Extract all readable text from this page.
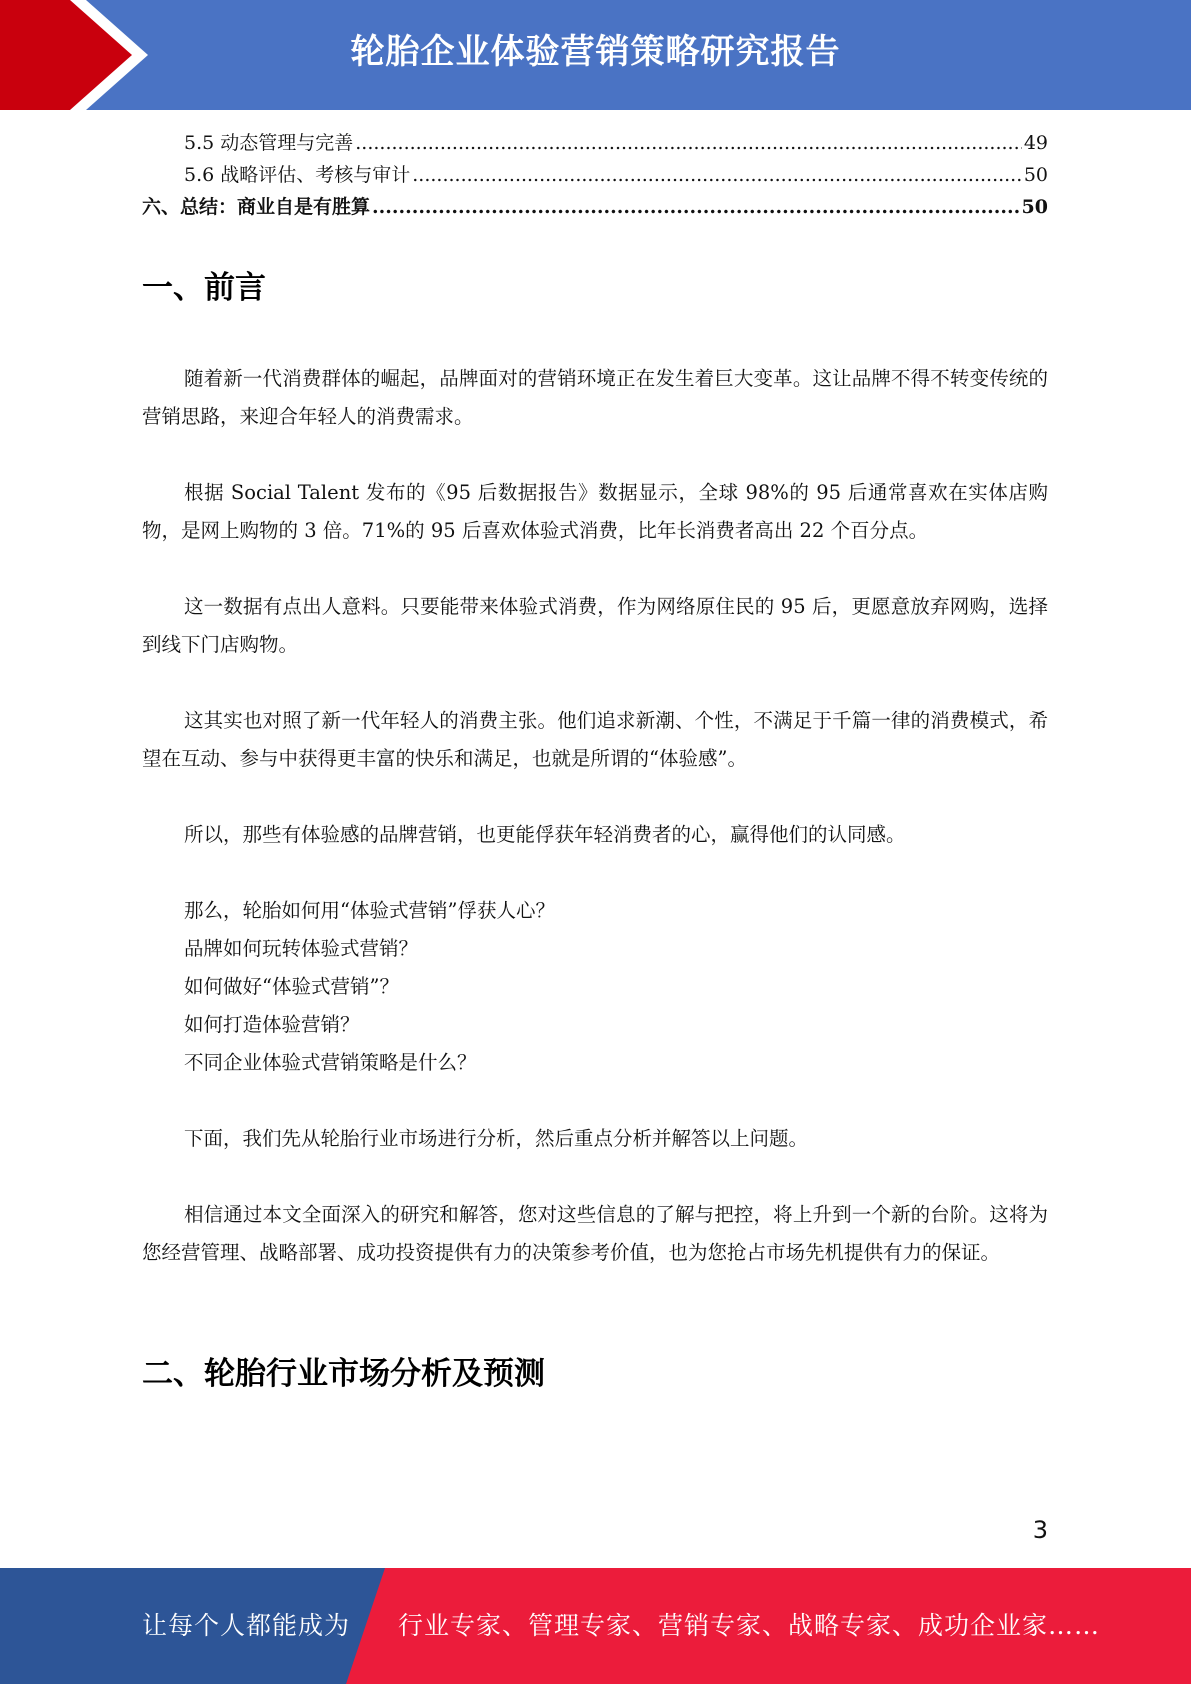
轮胎企业体验营销策略研究报告
5.5 动态管理与完善 .....	49
5.6 战略评估、考核与审计 .....	50
六、总结：商业自是有胜算 .....	50
一、前言

随着新一代消费群体的崛起，品牌面对的营销环境正在发生着巨大变革。这让品牌不得不转变传统的营销思路，来迎合年轻人的消费需求。

根据 Social Talent 发布的《95 后数据报告》数据显示，全球 98%的 95 后通常喜欢在实体店购物，是网上购物的 3 倍。71%的 95 后喜欢体验式消费，比年长消费者高出 22 个百分点。

这一数据有点出人意料。只要能带来体验式消费，作为网络原住民的 95 后，更愿意放弃网购，选择到线下门店购物。

这其实也对照了新一代年轻人的消费主张。他们追求新潮、个性，不满足于千篇一律的消费模式，希望在互动、参与中获得更丰富的快乐和满足，也就是所谓的“体验感”。

所以，那些有体验感的品牌营销，也更能俘获年轻消费者的心，赢得他们的认同感。

那么，轮胎如何用“体验式营销”俘获人心？
品牌如何玩转体验式营销？
如何做好“体验式营销”？
如何打造体验营销？
不同企业体验式营销策略是什么？

下面，我们先从轮胎行业市场进行分析，然后重点分析并解答以上问题。

相信通过本文全面深入的研究和解答，您对这些信息的了解与把控，将上升到一个新的台阶。这将为您经营管理、战略部署、成功投资提供有力的决策参考价值，也为您抢占市场先机提供有力的保证。

二、轮胎行业市场分析及预测
3
让每个人都能成为 行业专家、管理专家、营销专家、战略专家、成功企业家……
